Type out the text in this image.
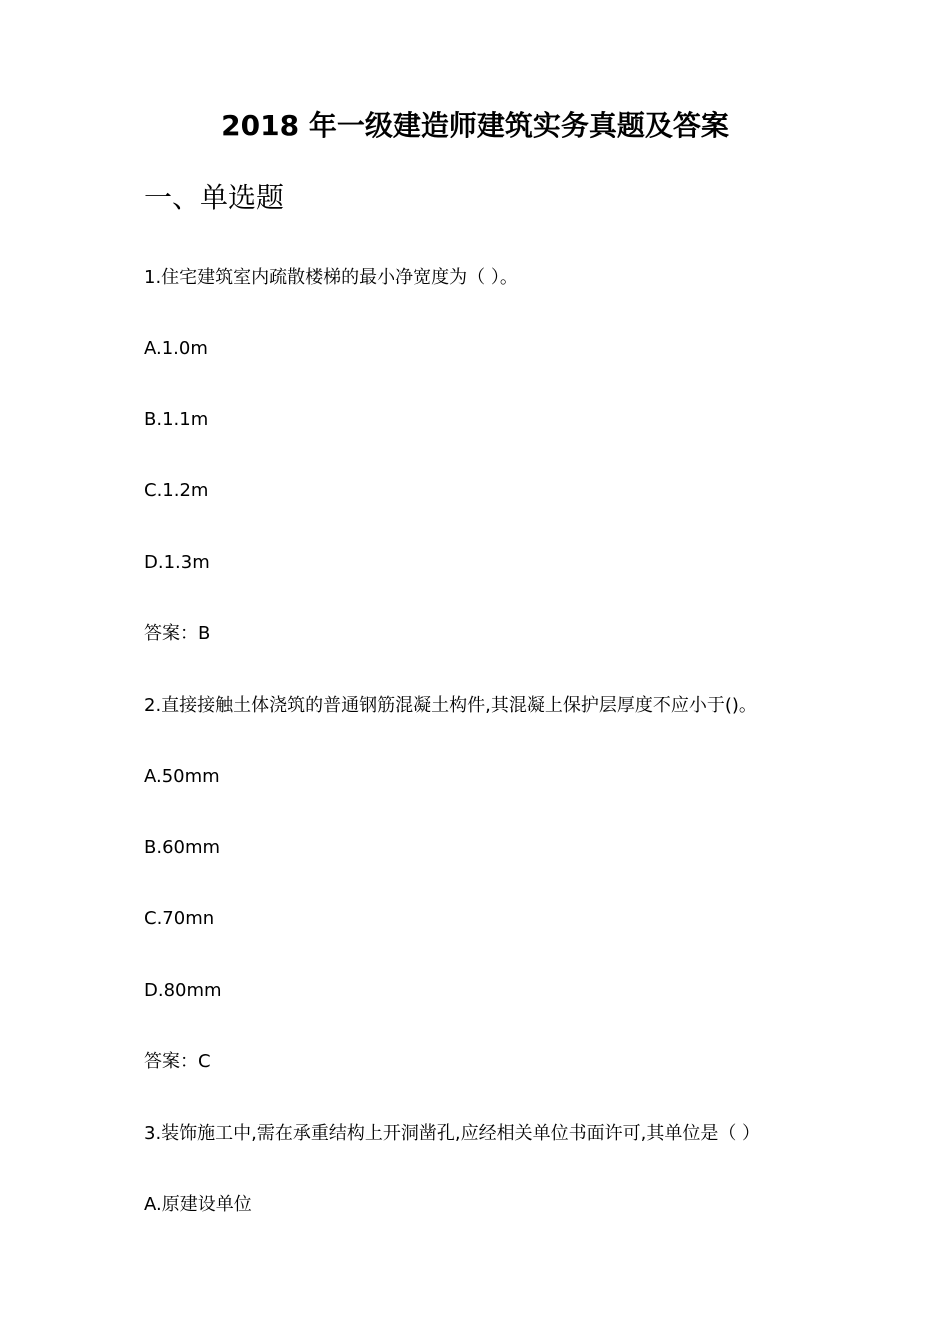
2018 年一级建造师建筑实务真题及答案
一、单选题
1.住宅建筑室内疏散楼梯的最小净宽度为（ ）。
A.1.0m
B.1.1m
C.1.2m
D.1.3m
答案：B
2.直接接触土体浇筑的普通钢筋混凝土构件,其混凝上保护层厚度不应小于()。
A.50mm
B.60mm
C.70mn
D.80mm
答案：C
3.装饰施工中,需在承重结构上开洞凿孔,应经相关单位书面许可,其单位是（ ）
A.原建设单位
